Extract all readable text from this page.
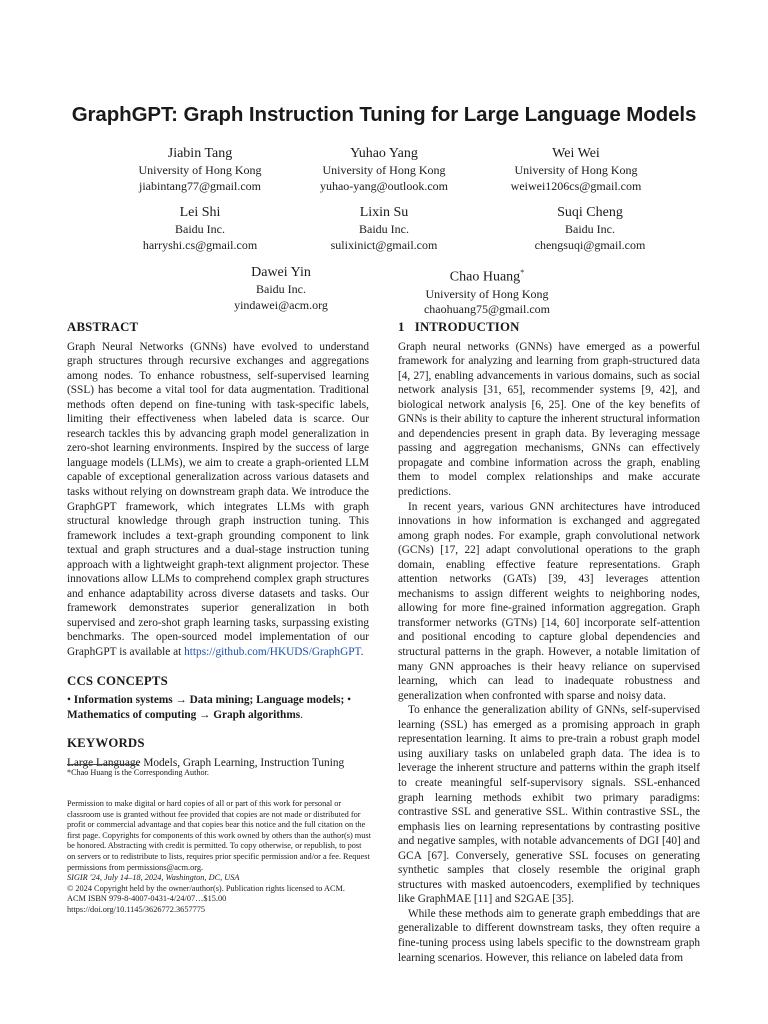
GraphGPT: Graph Instruction Tuning for Large Language Models
Jiabin Tang
University of Hong Kong
jiabintang77@gmail.com
Yuhao Yang
University of Hong Kong
yuhao-yang@outlook.com
Wei Wei
University of Hong Kong
weiwei1206cs@gmail.com
Lei Shi
Baidu Inc.
harryshi.cs@gmail.com
Lixin Su
Baidu Inc.
sulixinict@gmail.com
Suqi Cheng
Baidu Inc.
chengsuqi@gmail.com
Dawei Yin
Baidu Inc.
yindawei@acm.org
Chao Huang*
University of Hong Kong
chaohuang75@gmail.com
ABSTRACT

Graph Neural Networks (GNNs) have evolved to understand graph structures through recursive exchanges and aggregations among nodes. To enhance robustness, self-supervised learning (SSL) has become a vital tool for data augmentation. Traditional methods often depend on fine-tuning with task-specific labels, limiting their effectiveness when labeled data is scarce. Our research tackles this by advancing graph model generalization in zero-shot learning environments. Inspired by the success of large language models (LLMs), we aim to create a graph-oriented LLM capable of exceptional generalization across various datasets and tasks without relying on downstream graph data. We introduce the GraphGPT framework, which integrates LLMs with graph structural knowledge through graph instruction tuning. This framework includes a text-graph grounding component to link textual and graph structures and a dual-stage instruction tuning approach with a lightweight graph-text alignment projector. These innovations allow LLMs to comprehend complex graph structures and enhance adaptability across diverse datasets and tasks. Our framework demonstrates superior generalization in both supervised and zero-shot graph learning tasks, surpassing existing benchmarks. The open-sourced model implementation of our GraphGPT is available at https://github.com/HKUDS/GraphGPT.

CCS CONCEPTS

• Information systems → Data mining; Language models; • Mathematics of computing → Graph algorithms.

KEYWORDS

Large Language Models, Graph Learning, Instruction Tuning

*Chao Huang is the Corresponding Author.
Permission to make digital or hard copies of all or part of this work for personal or classroom use is granted without fee provided that copies are not made or distributed for profit or commercial advantage and that copies bear this notice and the full citation on the first page. Copyrights for components of this work owned by others than the author(s) must be honored. Abstracting with credit is permitted. To copy otherwise, or republish, to post on servers or to redistribute to lists, requires prior specific permission and/or a fee. Request permissions from permissions@acm.org.
SIGIR '24, July 14–18, 2024, Washington, DC, USA
© 2024 Copyright held by the owner/author(s). Publication rights licensed to ACM.
ACM ISBN 979-8-4007-0431-4/24/07…$15.00
https://doi.org/10.1145/3626772.3657775
1   INTRODUCTION

Graph neural networks (GNNs) have emerged as a powerful framework for analyzing and learning from graph-structured data [4, 27], enabling advancements in various domains, such as social network analysis [31, 65], recommender systems [9, 42], and biological network analysis [6, 25]. One of the key benefits of GNNs is their ability to capture the inherent structural information and dependencies present in graph data. By leveraging message passing and aggregation mechanisms, GNNs can effectively propagate and combine information across the graph, enabling them to model complex relationships and make accurate predictions.

In recent years, various GNN architectures have introduced innovations in how information is exchanged and aggregated among graph nodes. For example, graph convolutional network (GCNs) [17, 22] adapt convolutional operations to the graph domain, enabling effective feature representations. Graph attention networks (GATs) [39, 43] leverages attention mechanisms to assign different weights to neighboring nodes, allowing for more fine-grained information aggregation. Graph transformer networks (GTNs) [14, 60] incorporate self-attention and positional encoding to capture global dependencies and structural patterns in the graph. However, a notable limitation of many GNN approaches is their heavy reliance on supervised learning, which can lead to inadequate robustness and generalization when confronted with sparse and noisy data.

To enhance the generalization ability of GNNs, self-supervised learning (SSL) has emerged as a promising approach in graph representation learning. It aims to pre-train a robust graph model using auxiliary tasks on unlabeled graph data. The idea is to leverage the inherent structure and patterns within the graph itself to create meaningful self-supervisory signals. SSL-enhanced graph learning methods exhibit two primary paradigms: contrastive SSL and generative SSL. Within contrastive SSL, the emphasis lies on learning representations by contrasting positive and negative samples, with notable advancements of DGI [40] and GCA [67]. Conversely, generative SSL focuses on generating synthetic samples that closely resemble the original graph structures with masked autoencoders, exemplified by techniques like GraphMAE [11] and S2GAE [35].

While these methods aim to generate graph embeddings that are generalizable to different downstream tasks, they often require a fine-tuning process using labels specific to the downstream graph learning scenarios. However, this reliance on labeled data from
